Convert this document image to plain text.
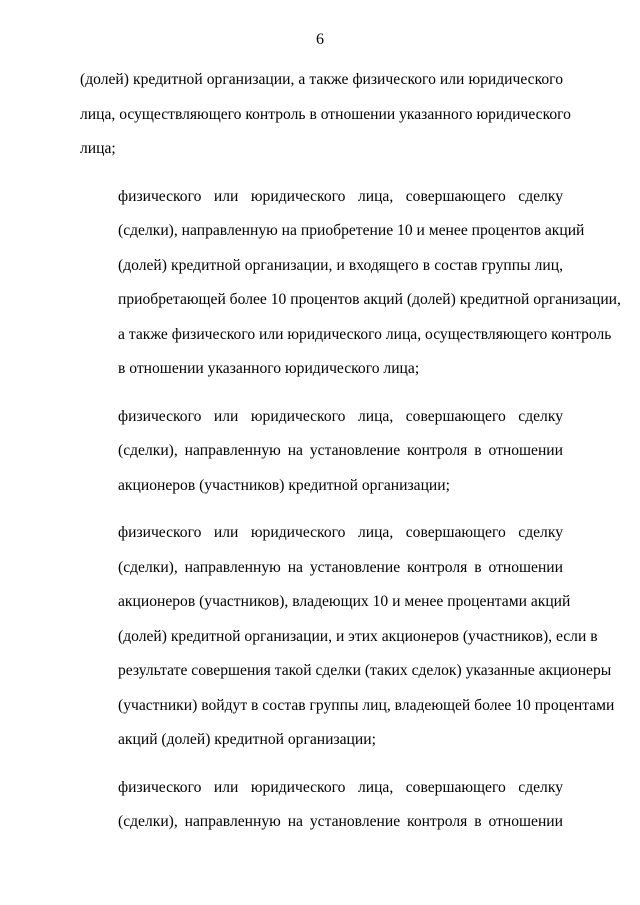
6

(долей) кредитной организации, а также физического или юридического
лица, осуществляющего контроль в отношении указанного юридического
лица;

физического или юридического лица, совершающего сделку
(сделки), направленную на приобретение 10 и менее процентов акций
(долей) кредитной организации, и входящего в состав группы лиц,
приобретающей более 10 процентов акций (долей) кредитной организации,
а также физического или юридического лица, осуществляющего контроль
в отношении указанного юридического лица;

физического или юридического лица, совершающего сделку
(сделки), направленную на установление контроля в отношении
акционеров (участников) кредитной организации;

физического или юридического лица, совершающего сделку
(сделки), направленную на установление контроля в отношении
акционеров (участников), владеющих 10 и менее процентами акций
(долей) кредитной организации, и этих акционеров (участников), если в
результате совершения такой сделки (таких сделок) указанные акционеры
(участники) войдут в состав группы лиц, владеющей более 10 процентами
акций (долей) кредитной организации;

физического или юридического лица, совершающего сделку
(сделки), направленную на установление контроля в отношении
